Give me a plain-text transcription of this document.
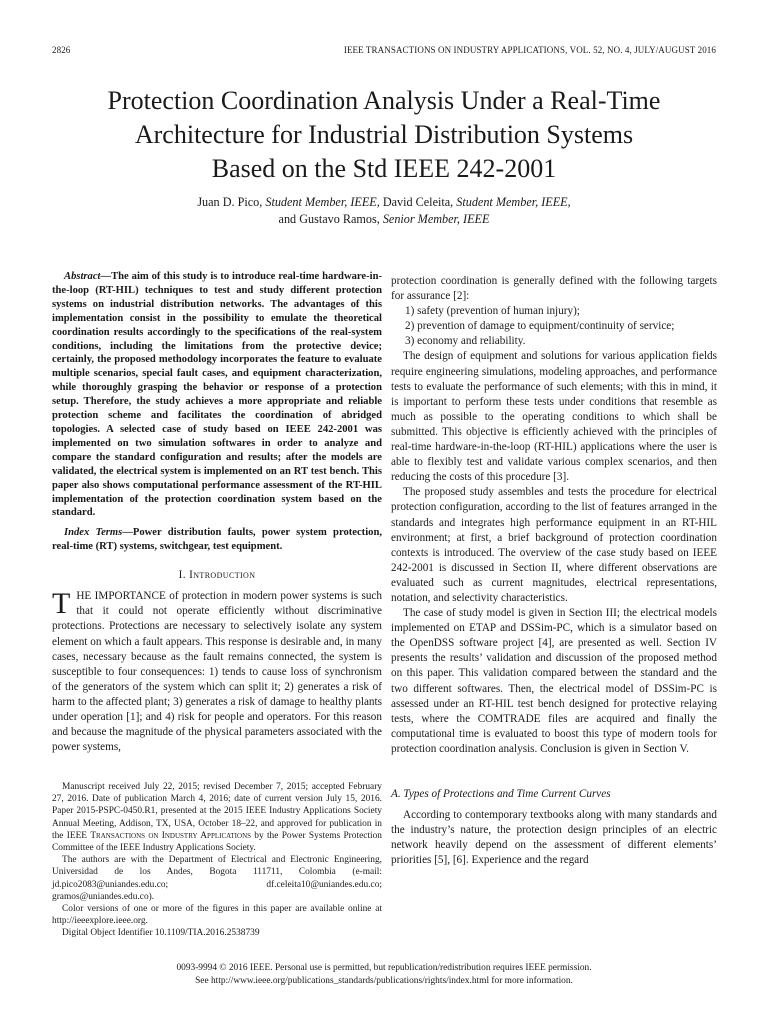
2826	IEEE TRANSACTIONS ON INDUSTRY APPLICATIONS, VOL. 52, NO. 4, JULY/AUGUST 2016
Protection Coordination Analysis Under a Real-Time
Architecture for Industrial Distribution Systems
Based on the Std IEEE 242-2001
Juan D. Pico, Student Member, IEEE, David Celeita, Student Member, IEEE,
and Gustavo Ramos, Senior Member, IEEE

Abstract—The aim of this study is to introduce real-time hardware-in-the-loop (RT-HIL) techniques to test and study different protection systems on industrial distribution networks. The advantages of this implementation consist in the possibility to emulate the theoretical coordination results accordingly to the specifications of the real-system conditions, including the limitations from the protective device; certainly, the proposed methodology incorporates the feature to evaluate multiple scenarios, special fault cases, and equipment characterization, while thoroughly grasping the behavior or response of a protection setup. Therefore, the study achieves a more appropriate and reliable protection scheme and facilitates the coordination of abridged topologies. A selected case of study based on IEEE 242-2001 was implemented on two simulation softwares in order to analyze and compare the standard configuration and results; after the models are validated, the electrical system is implemented on an RT test bench. This paper also shows computational performance assessment of the RT-HIL implementation of the protection coordination system based on the standard.

Index Terms—Power distribution faults, power system protection, real-time (RT) systems, switchgear, test equipment.

I. Introduction

THE IMPORTANCE of protection in modern power systems is such that it could not operate efficiently without discriminative protections. Protections are necessary to selectively isolate any system element on which a fault appears. This response is desirable and, in many cases, necessary because as the fault remains connected, the system is susceptible to four consequences: 1) tends to cause loss of synchronism of the generators of the system which can split it; 2) generates a risk of harm to the affected plant; 3) generates a risk of damage to healthy plants under operation [1]; and 4) risk for people and operators. For this reason and because the magnitude of the physical parameters associated with the power systems,

Manuscript received July 22, 2015; revised December 7, 2015; accepted February 27, 2016. Date of publication March 4, 2016; date of current version July 15, 2016. Paper 2015-PSPC-0450.R1, presented at the 2015 IEEE Industry Applications Society Annual Meeting, Addison, TX, USA, October 18–22, and approved for publication in the IEEE Transactions on Industry Applications by the Power Systems Protection Committee of the IEEE Industry Applications Society.

The authors are with the Department of Electrical and Electronic Engineering, Universidad de los Andes, Bogota 111711, Colombia (e-mail: jd.pico2083@uniandes.edu.co; df.celeita10@uniandes.edu.co; gramos@uniandes.edu.co).

Color versions of one or more of the figures in this paper are available online at http://ieeexplore.ieee.org.

Digital Object Identifier 10.1109/TIA.2016.2538739

protection coordination is generally defined with the following targets for assurance [2]:

1) safety (prevention of human injury);
2) prevention of damage to equipment/continuity of service;
3) economy and reliability.

The design of equipment and solutions for various application fields require engineering simulations, modeling approaches, and performance tests to evaluate the performance of such elements; with this in mind, it is important to perform these tests under conditions that resemble as much as possible to the operating conditions to which shall be submitted. This objective is efficiently achieved with the principles of real-time hardware-in-the-loop (RT-HIL) applications where the user is able to flexibly test and validate various complex scenarios, and then reducing the costs of this procedure [3].

The proposed study assembles and tests the procedure for electrical protection configuration, according to the list of features arranged in the standards and integrates high performance equipment in an RT-HIL environment; at first, a brief background of protection coordination contexts is introduced. The overview of the case study based on IEEE 242-2001 is discussed in Section II, where different observations are evaluated such as current magnitudes, electrical representations, notation, and selectivity characteristics.

The case of study model is given in Section III; the electrical models implemented on ETAP and DSSim-PC, which is a simulator based on the OpenDSS software project [4], are presented as well. Section IV presents the results’ validation and discussion of the proposed method on this paper. This validation compared between the standard and the two different softwares. Then, the electrical model of DSSim-PC is assessed under an RT-HIL test bench designed for protective relaying tests, where the COMTRADE files are acquired and finally the computational time is evaluated to boost this type of modern tools for protection coordination analysis. Conclusion is given in Section V.

A. Types of Protections and Time Current Curves

According to contemporary textbooks along with many standards and the industry’s nature, the protection design principles of an electric network heavily depend on the assessment of different elements’ priorities [5], [6]. Experience and the regard

0093-9994 © 2016 IEEE. Personal use is permitted, but republication/redistribution requires IEEE permission.
See http://www.ieee.org/publications_standards/publications/rights/index.html for more information.
